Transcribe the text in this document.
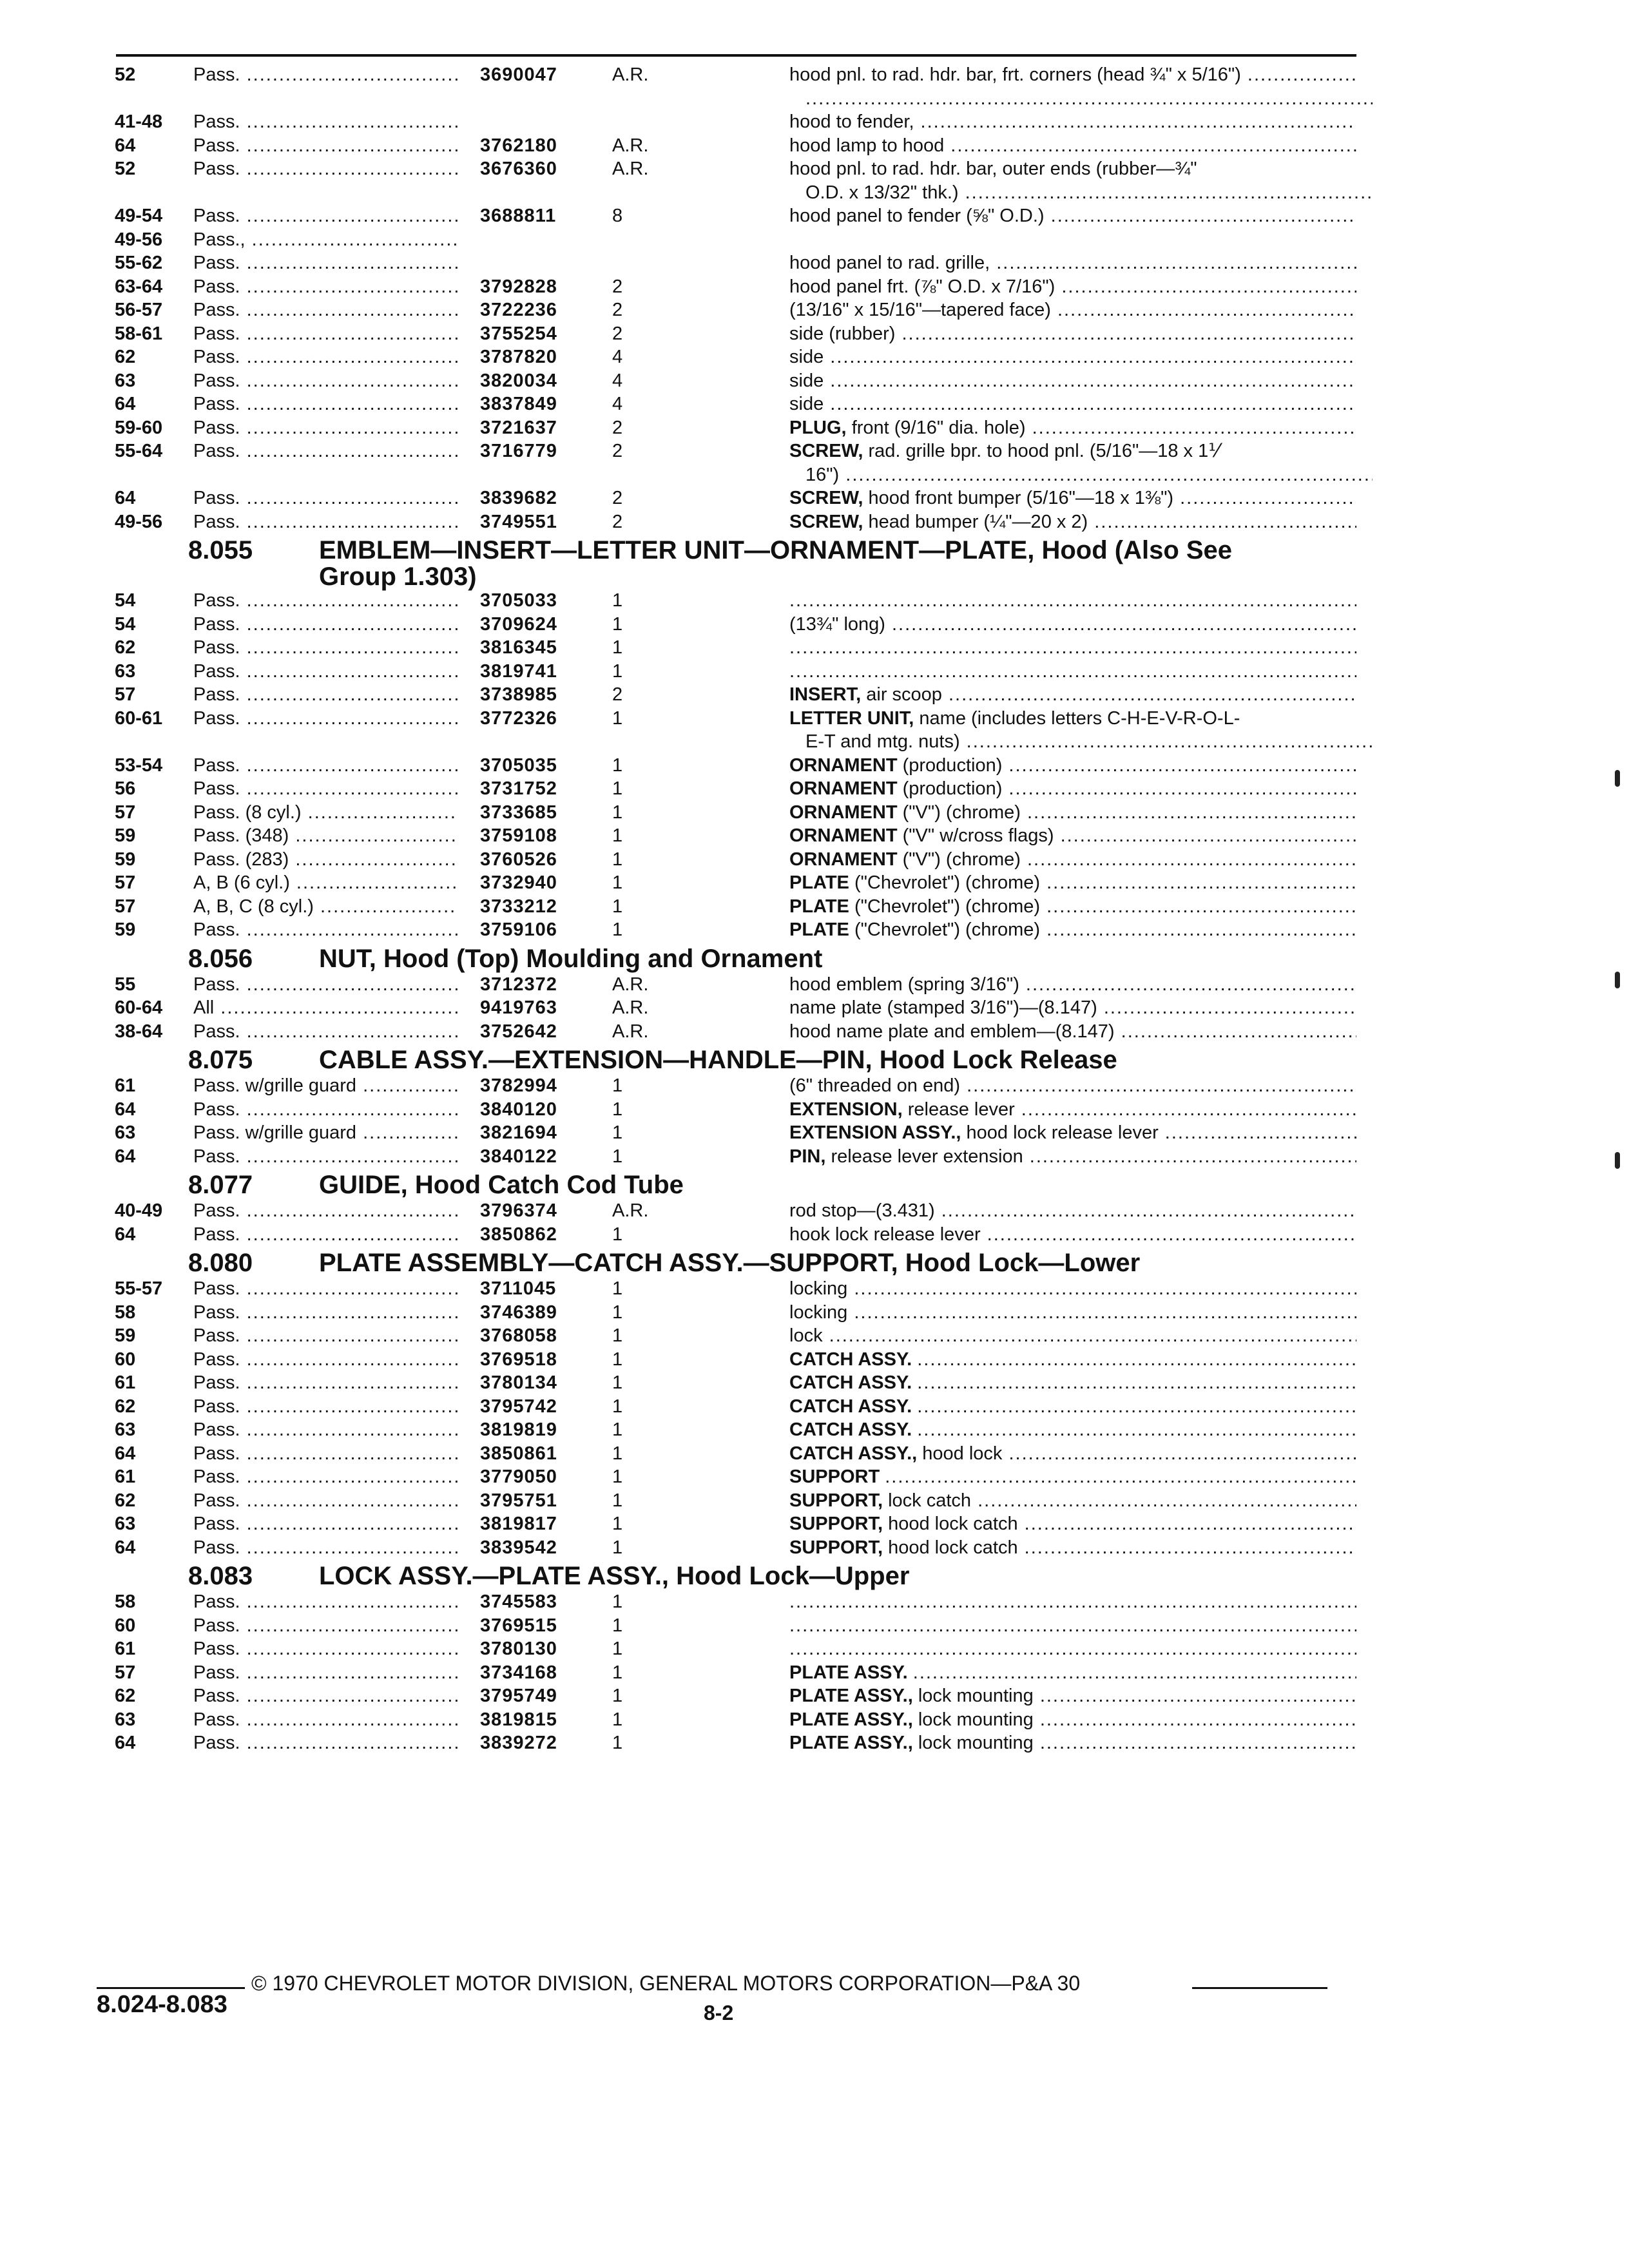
52	Pass. .....	3690047	A.R.	hood pnl. to rad. hdr. bar, frt. corners (head ¾" x 5/16") .....
.....
41-48 Pass. .....	hood to fender, .....
64	Pass. .....	3762180	A.R.	hood lamp to hood .....
52	Pass. .....	3676360	A.R.	hood pnl. to rad. hdr. bar, outer ends (rubber—¾"
O.D. x 13/32" thk.) .....
49-54 Pass. .....	3688811	8	hood panel to fender (⅝" O.D.) .....
49-56 Pass., .....
55-62 Pass. .....	hood panel to rad. grille, .....
63-64 Pass. .....	3792828	2	hood panel frt. (⅞" O.D. x 7/16") .....
56-57 Pass. .....	3722236	2	(13/16" x 15/16"—tapered face) .....
58-61 Pass. .....	3755254	2	side (rubber) .....
62	Pass. .....	3787820	4	side .....
63	Pass. .....	3820034	4	side .....
64	Pass. .....	3837849	4	side .....
59-60 Pass. .....	3721637	2	PLUG, front (9/16" dia. hole) .....
55-64 Pass. .....	3716779	2	SCREW, rad. grille bpr. to hood pnl. (5/16"—18 x 1⅟
16") .....
64	Pass. .....	3839682	2	SCREW, hood front bumper (5/16"—18 x 1⅜") .....
49-56 Pass. .....	3749551	2	SCREW, head bumper (¼"—20 x 2) .....
8.055	EMBLEM—INSERT—LETTER UNIT—ORNAMENT—PLATE, Hood (Also See
Group 1.303)
54	Pass. .....	3705033	1
.....
54	Pass. .....	3709624	1	(13¾" long) .....
62	Pass. .....	3816345	1
.....
63	Pass. .....	3819741	1
.....
57	Pass. .....	3738985	2	INSERT, air scoop .....
60-61 Pass. .....	3772326	1	LETTER UNIT, name (includes letters C-H-E-V-R-O-L-
E-T and mtg. nuts) .....
53-54 Pass. .....	3705035	1	ORNAMENT (production) .....
56	Pass. .....	3731752	1	ORNAMENT (production) .....
57	Pass. (8 cyl.) .....	3733685	1	ORNAMENT ("V") (chrome) .....
59	Pass. (348) .....	3759108	1	ORNAMENT ("V" w/cross flags) .....
59	Pass. (283) .....	3760526	1	ORNAMENT ("V") (chrome) .....
57	A, B (6 cyl.) .....	3732940	1	PLATE ("Chevrolet") (chrome) .....
57	A, B, C (8 cyl.) .....	3733212	1	PLATE ("Chevrolet") (chrome) .....
59	Pass. .....	3759106	1	PLATE ("Chevrolet") (chrome) .....
8.056	NUT, Hood (Top) Moulding and Ornament
55	Pass. .....	3712372	A.R.	hood emblem (spring 3/16") .....
60-64 All .....	9419763	A.R.	name plate (stamped 3/16")—(8.147) .....
38-64 Pass. .....	3752642	A.R.	hood name plate and emblem—(8.147) .....
8.075	CABLE ASSY.—EXTENSION—HANDLE—PIN, Hood Lock Release
61	Pass. w/grille guard .....	3782994	1	(6" threaded on end) .....
64	Pass. .....	3840120	1	EXTENSION, release lever .....
63	Pass. w/grille guard .....	3821694	1	EXTENSION ASSY., hood lock release lever .....
64	Pass. .....	3840122	1	PIN, release lever extension .....
8.077	GUIDE, Hood Catch Cod Tube
40-49 Pass. .....	3796374	A.R.	rod stop—(3.431) .....
64	Pass. .....	3850862	1	hook lock release lever .....
8.080	PLATE ASSEMBLY—CATCH ASSY.—SUPPORT, Hood Lock—Lower
55-57 Pass. .....	3711045	1	locking .....
58	Pass. .....	3746389	1	locking .....
59	Pass. .....	3768058	1	lock .....
60	Pass. .....	3769518	1	CATCH ASSY. .....
61	Pass. .....	3780134	1	CATCH ASSY. .....
62	Pass. .....	3795742	1	CATCH ASSY. .....
63	Pass. .....	3819819	1	CATCH ASSY. .....
64	Pass. .....	3850861	1	CATCH ASSY., hood lock .....
61	Pass. .....	3779050	1	SUPPORT .....
62	Pass. .....	3795751	1	SUPPORT, lock catch .....
63	Pass. .....	3819817	1	SUPPORT, hood lock catch .....
64	Pass. .....	3839542	1	SUPPORT, hood lock catch .....
8.083	LOCK ASSY.—PLATE ASSY., Hood Lock—Upper
58	Pass. .....	3745583	1
.....
60	Pass. .....	3769515	1
.....
61	Pass. .....	3780130	1
.....
57	Pass. .....	3734168	1	PLATE ASSY. .....
62	Pass. .....	3795749	1	PLATE ASSY., lock mounting .....
63	Pass. .....	3819815	1	PLATE ASSY., lock mounting .....
64	Pass. .....	3839272	1	PLATE ASSY., lock mounting .....
© 1970 CHEVROLET MOTOR DIVISION, GENERAL MOTORS CORPORATION—P&A 30
8.024-8.083	8-2
